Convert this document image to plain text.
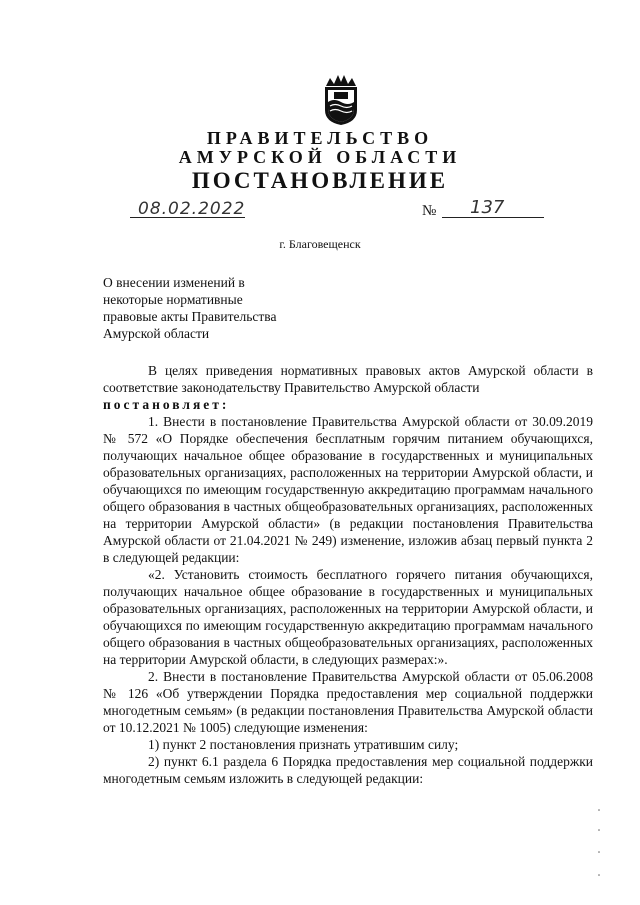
ПРАВИТЕЛЬСТВО
АМУРСКОЙ ОБЛАСТИ
ПОСТАНОВЛЕНИЕ
08.02.2022	№ 137
г. Благовещенск
О внесении изменений в
некоторые нормативные
правовые акты Правительства
Амурской области

В целях приведения нормативных правовых актов Амурской области в соответствие законодательству Правительство Амурской области

постановляет:

1. Внести в постановление Правительства Амурской области от 30.09.2019 № 572 «О Порядке обеспечения бесплатным горячим питанием обучающихся, получающих начальное общее образование в государственных и муниципальных образовательных организациях, расположенных на территории Амурской области, и обучающихся по имеющим государственную аккредитацию программам начального общего образования в частных общеобразовательных организациях, расположенных на территории Амурской области» (в редакции постановления Правительства Амурской области от 21.04.2021 № 249) изменение, изложив абзац первый пункта 2 в следующей редакции:

«2. Установить стоимость бесплатного горячего питания обучающихся, получающих начальное общее образование в государственных и муниципальных образовательных организациях, расположенных на территории Амурской области, и обучающихся по имеющим государственную аккредитацию программам начального общего образования в частных общеобразовательных организациях, расположенных на территории Амурской области, в следующих размерах:».

2. Внести в постановление Правительства Амурской области от 05.06.2008 № 126 «Об утверждении Порядка предоставления мер социальной поддержки многодетным семьям» (в редакции постановления Правительства Амурской области от 10.12.2021 № 1005) следующие изменения:

1) пункт 2 постановления признать утратившим силу;

2) пункт 6.1 раздела 6 Порядка предоставления мер социальной поддержки многодетным семьям изложить в следующей редакции:
